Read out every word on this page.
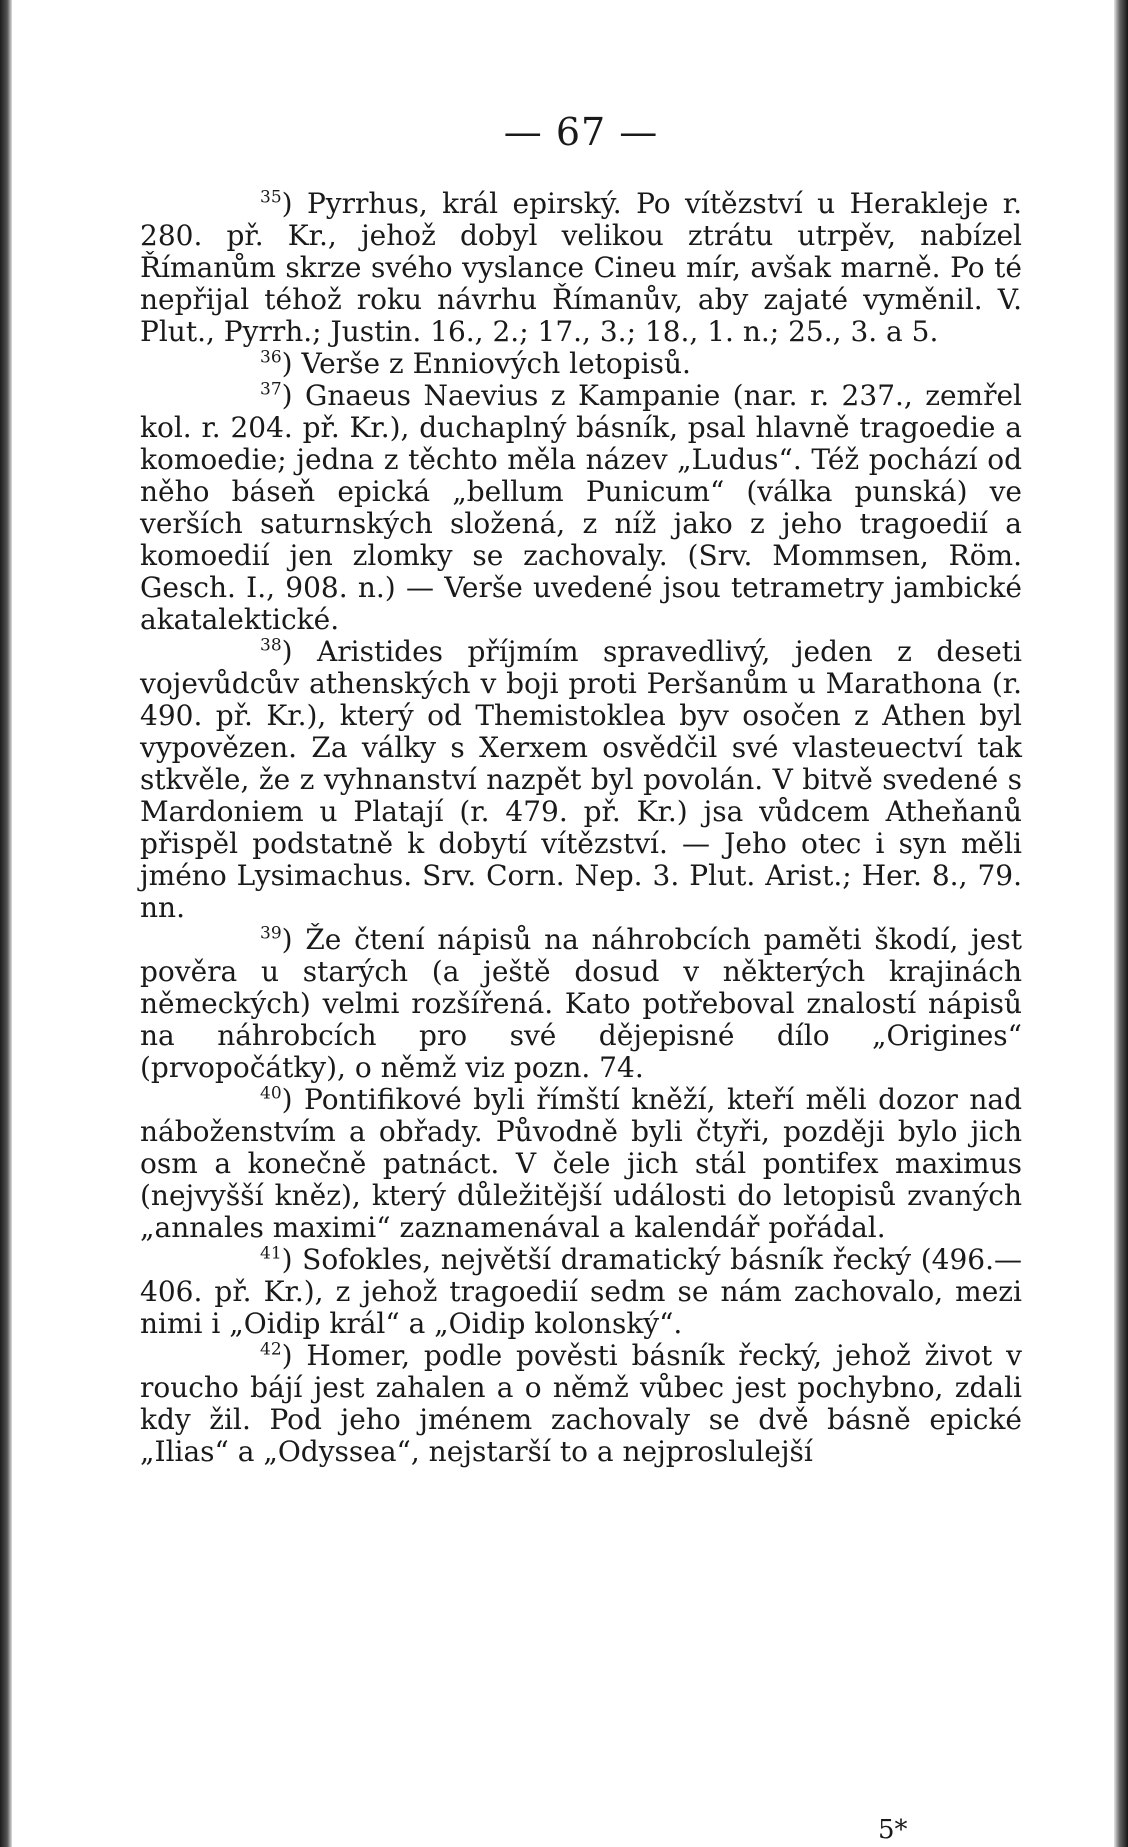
— 67 —

$^{35}$) Pyrrhus, král epirský. Po vítězství u Herakleje r. 280. př. Kr., jehož dobyl velikou ztrátu utrpěv, nabízel Římanům skrze svého vyslance Cineu mír, avšak marně. Po té nepřijal téhož roku návrhu Římanův, aby zajaté vyměnil. V. Plut., Pyrrh.; Justin. 16., 2.; 17., 3.; 18., 1. n.; 25., 3. a 5.

$^{36}$) Verše z Enniových letopisů.

$^{37}$) Gnaeus Naevius z Kampanie (nar. r. 237., zemřel kol. r. 204. př. Kr.), duchaplný básník, psal hlavně tragoedie a komoedie; jedna z těchto měla název „Ludus“. Též pochází od něho báseň epická „bellum Punicum“ (válka punská) ve verších saturnských složená, z níž jako z jeho tragoedií a komoedií jen zlomky se zachovaly. (Srv. Mommsen, Röm. Gesch. I., 908. n.) — Verše uvedené jsou tetrametry jambické akatalektické.

$^{38}$) Aristides příjmím spravedlivý, jeden z deseti vojevůdcův athenských v boji proti Peršanům u Marathona (r. 490. př. Kr.), který od Themistoklea byv osočen z Athen byl vypovězen. Za války s Xerxem osvědčil své vlasteuectví tak stkvěle, že z vyhnanství nazpět byl povolán. V bitvě svedené s Mardoniem u Platají (r. 479. př. Kr.) jsa vůdcem Atheňanů přispěl podstatně k dobytí vítězství. — Jeho otec i syn měli jméno Lysimachus. Srv. Corn. Nep. 3. Plut. Arist.; Her. 8., 79. nn.

$^{39}$) Že čtení nápisů na náhrobcích paměti škodí, jest pověra u starých (a ještě dosud v některých krajinách německých) velmi rozšířená. Kato potřeboval znalostí nápisů na náhrobcích pro své dějepisné dílo „Origines“ (prvopočátky), o němž viz pozn. 74.

$^{40}$) Pontifikové byli římští kněží, kteří měli dozor nad náboženstvím a obřady. Původně byli čtyři, později bylo jich osm a konečně patnáct. V čele jich stál pontifex maximus (nejvyšší kněz), který důležitější události do letopisů zvaných „annales maximi“ zaznamenával a kalendář pořádal.

$^{41}$) Sofokles, největší dramatický básník řecký (496.—406. př. Kr.), z jehož tragoedií sedm se nám zachovalo, mezi nimi i „Oidip král“ a „Oidip kolonský“.

$^{42}$) Homer, podle pověsti básník řecký, jehož život v roucho bájí jest zahalen a o němž vůbec jest pochybno, zdali kdy žil. Pod jeho jménem zachovaly se dvě básně epické „Ilias“ a „Odyssea“, nejstarší to a nejproslulejší

5*
